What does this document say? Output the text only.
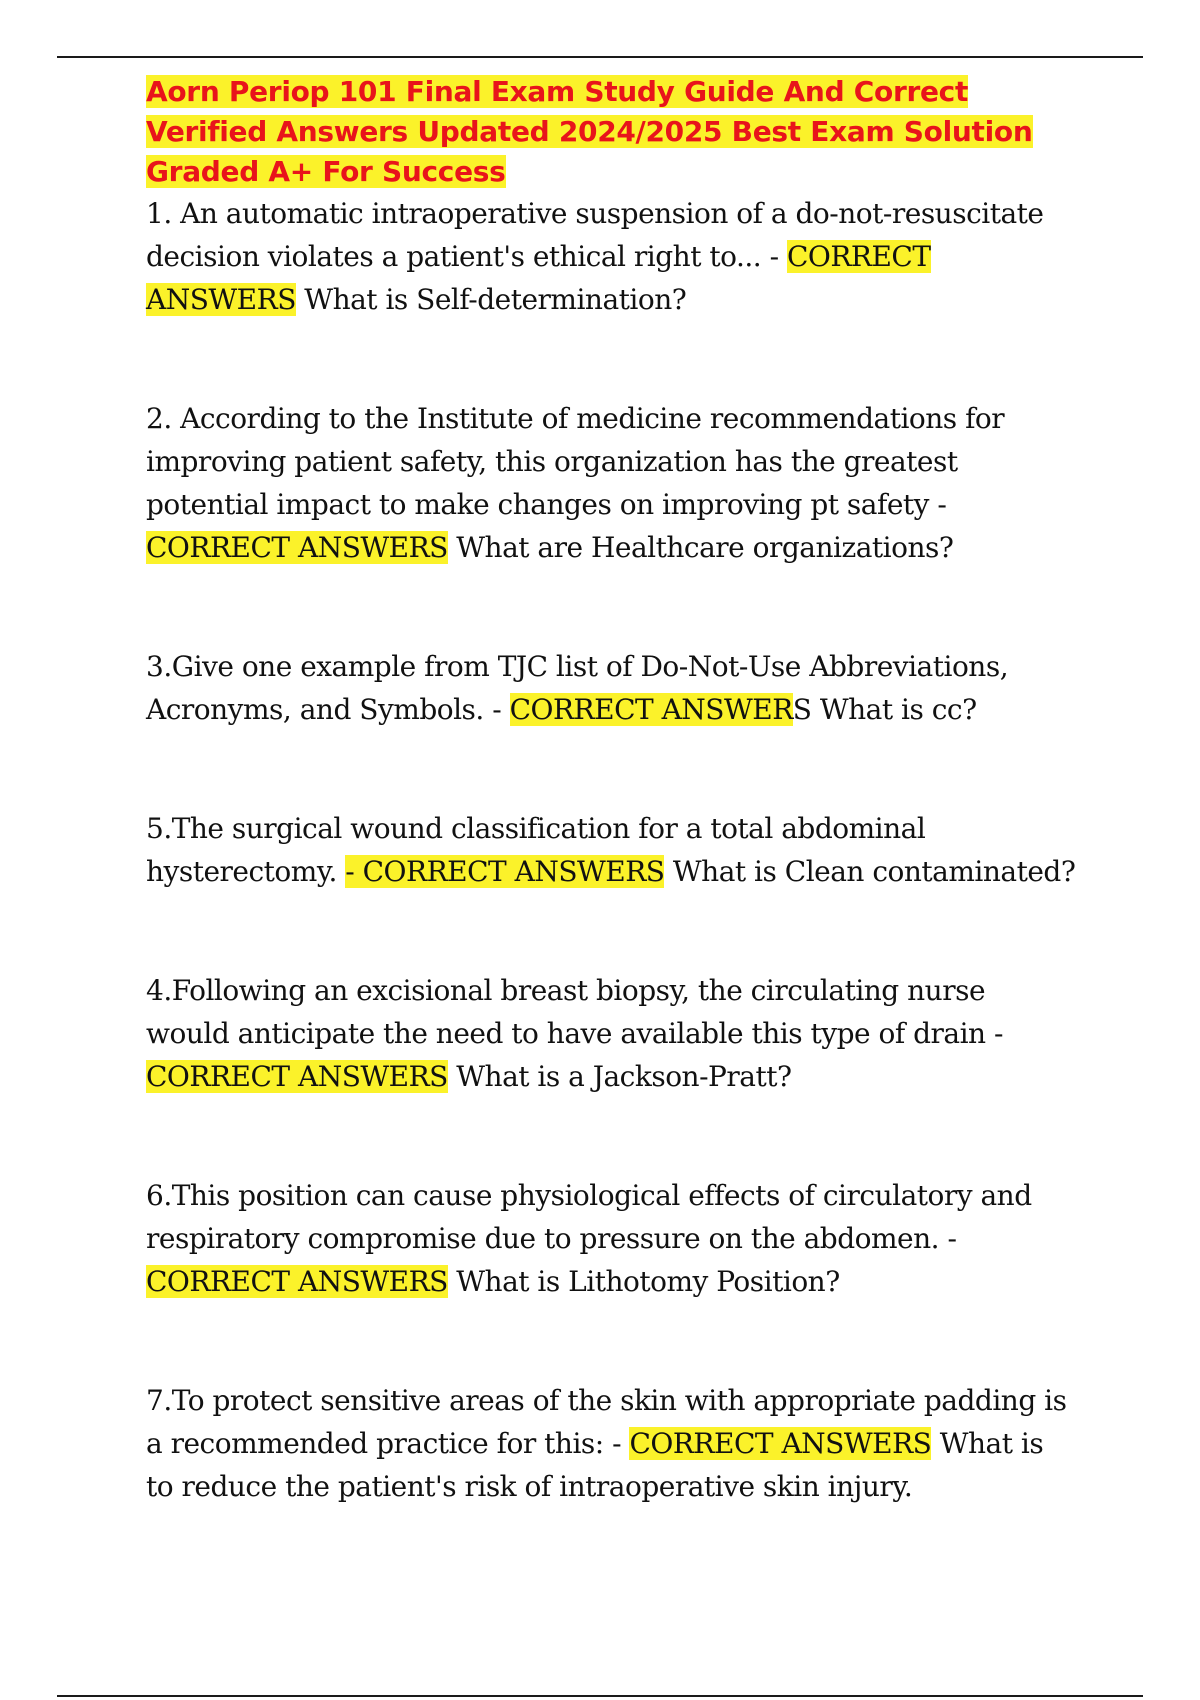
Aorn Periop 101 Final Exam Study Guide And Correct Verified Answers Updated 2024/2025 Best Exam Solution Graded A+ For Success

1. An automatic intraoperative suspension of a do-not-resuscitate decision violates a patient's ethical right to... - CORRECT ANSWERS What is Self-determination?

2. According to the Institute of medicine recommendations for improving patient safety, this organization has the greatest potential impact to make changes on improving pt safety - CORRECT ANSWERS What are Healthcare organizations?

3.Give one example from TJC list of Do-Not-Use Abbreviations, Acronyms, and Symbols. - CORRECT ANSWERS What is cc?

5.The surgical wound classification for a total abdominal hysterectomy. - CORRECT ANSWERS What is Clean contaminated?

4.Following an excisional breast biopsy, the circulating nurse would anticipate the need to have available this type of drain - CORRECT ANSWERS What is a Jackson-Pratt?

6.This position can cause physiological effects of circulatory and respiratory compromise due to pressure on the abdomen. - CORRECT ANSWERS What is Lithotomy Position?

7.To protect sensitive areas of the skin with appropriate padding is a recommended practice for this: - CORRECT ANSWERS What is to reduce the patient's risk of intraoperative skin injury.
